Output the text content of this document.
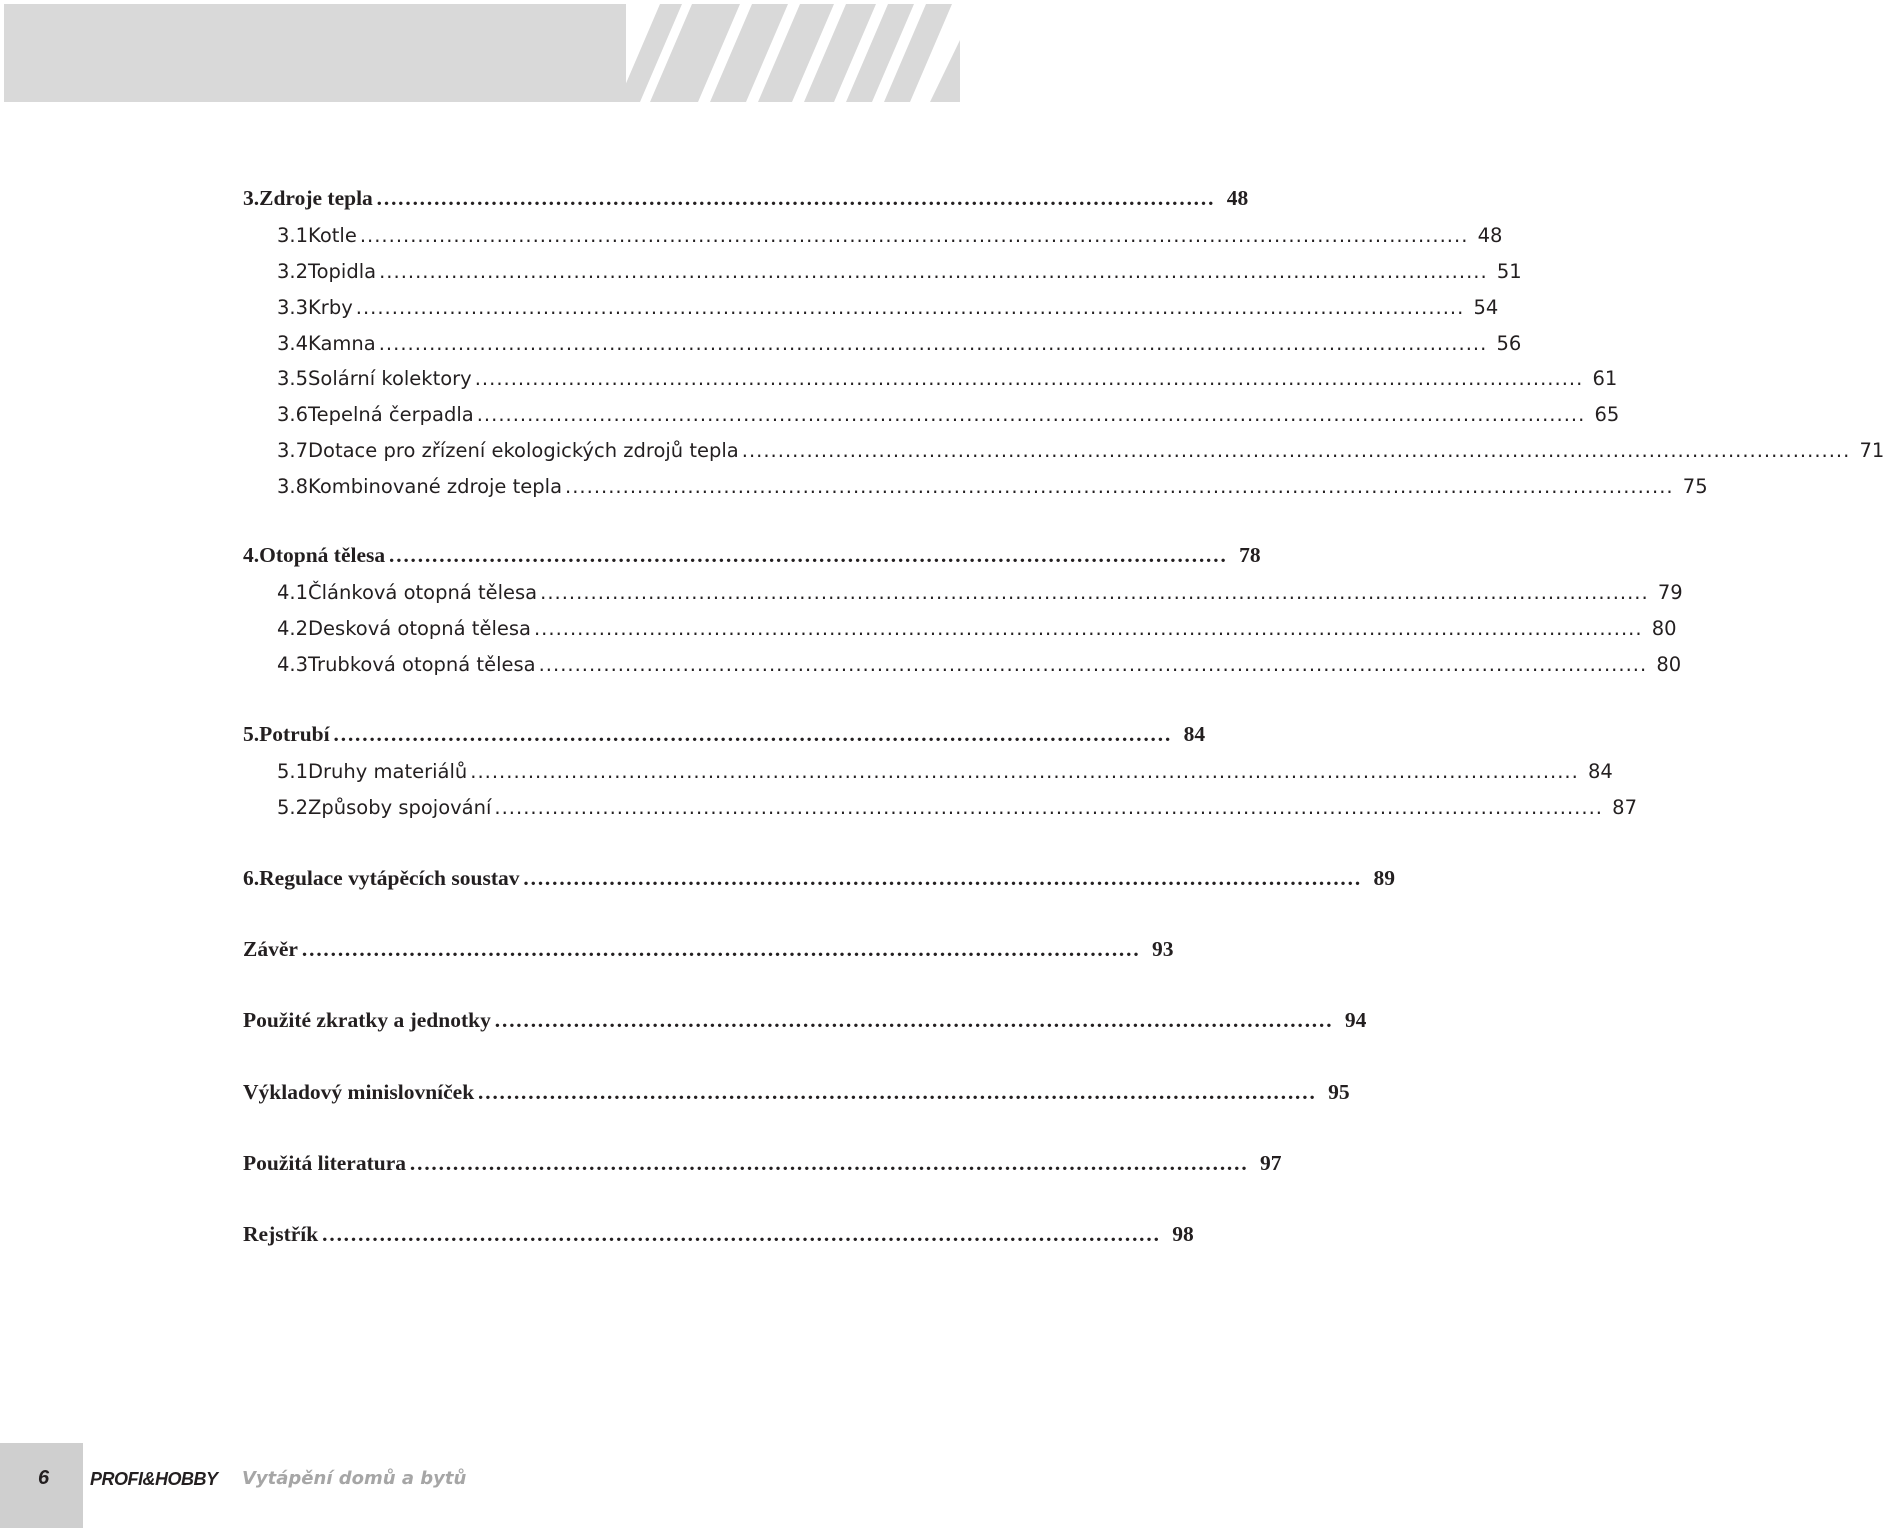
3. Zdroje tepla ……………………………………………………………………………………………………… 48
3.1 Kotle .......................................................................................................................................................... 48
3.2 Topidla .......................................................................................................................................................... 51
3.3 Krby .......................................................................................................................................................... 54
3.4 Kamna .......................................................................................................................................................... 56
3.5 Solární kolektory .......................................................................................................................................................... 61
3.6 Tepelná čerpadla .......................................................................................................................................................... 65
3.7 Dotace pro zřízení ekologických zdrojů tepla .......................................................................................................................................................... 71
3.8 Kombinované zdroje tepla .......................................................................................................................................................... 75
4. Otopná tělesa ……………………………………………………………………………………………………… 78
4.1 Článková otopná tělesa .......................................................................................................................................................... 79
4.2 Desková otopná tělesa .......................................................................................................................................................... 80
4.3 Trubková otopná tělesa .......................................................................................................................................................... 80
5. Potrubí ……………………………………………………………………………………………………… 84
5.1 Druhy materiálů .......................................................................................................................................................... 84
5.2 Způsoby spojování .......................................................................................................................................................... 87
6. Regulace vytápěcích soustav ……………………………………………………………………………………………………… 89
Závěr ……………………………………………………………………………………………………… 93
Použité zkratky a jednotky ……………………………………………………………………………………………………… 94
Výkladový minislovníček ……………………………………………………………………………………………………… 95
Použitá literatura ……………………………………………………………………………………………………… 97
Rejstřík ……………………………………………………………………………………………………… 98
6 PROFI&HOBBY Vytápění domů a bytů
